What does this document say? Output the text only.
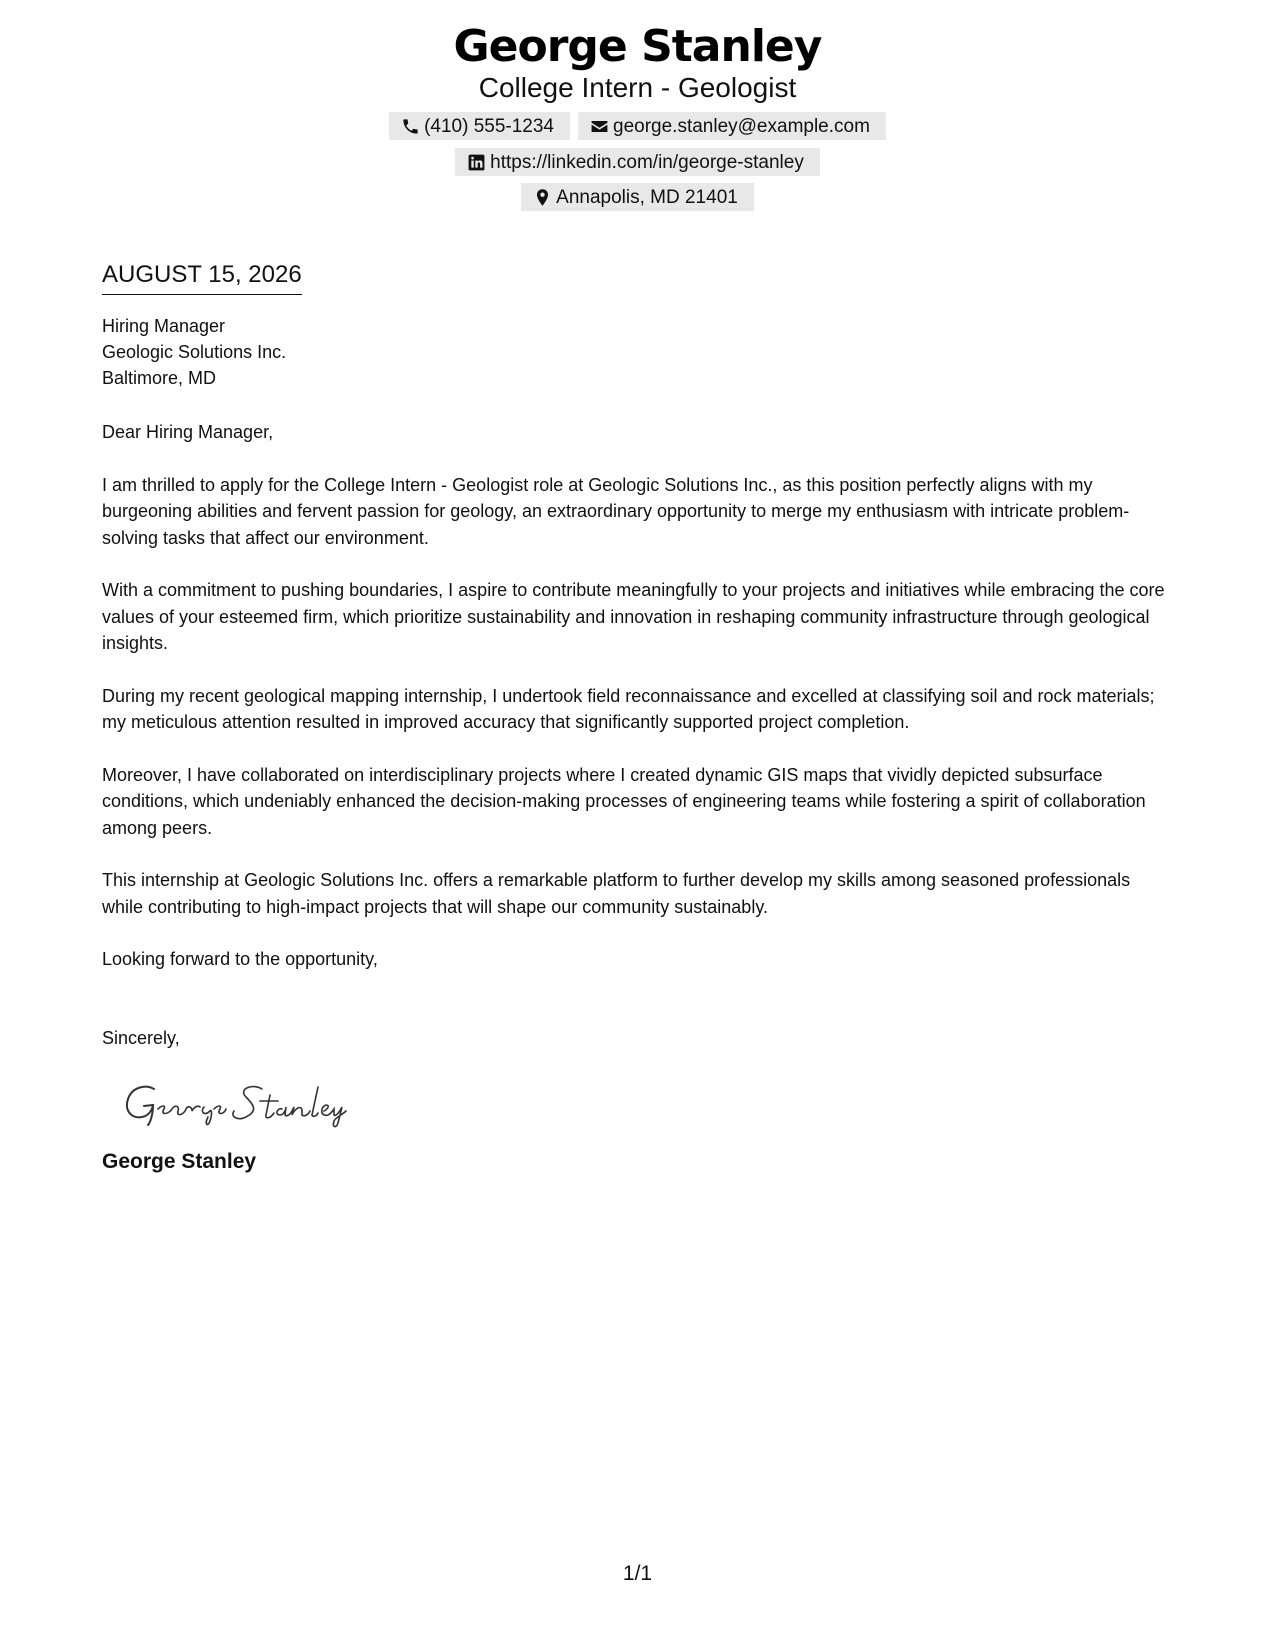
George Stanley
College Intern - Geologist
(410) 555-1234	george.stanley@example.com
https://linkedin.com/in/george-stanley
Annapolis, MD 21401
AUGUST 15, 2026
Hiring Manager
Geologic Solutions Inc.
Baltimore, MD

Dear Hiring Manager,

I am thrilled to apply for the College Intern - Geologist role at Geologic Solutions Inc., as this position perfectly aligns with my burgeoning abilities and fervent passion for geology, an extraordinary opportunity to merge my enthusiasm with intricate problem-solving tasks that affect our environment.

With a commitment to pushing boundaries, I aspire to contribute meaningfully to your projects and initiatives while embracing the core values of your esteemed firm, which prioritize sustainability and innovation in reshaping community infrastructure through geological insights.

During my recent geological mapping internship, I undertook field reconnaissance and excelled at classifying soil and rock materials; my meticulous attention resulted in improved accuracy that significantly supported project completion.

Moreover, I have collaborated on interdisciplinary projects where I created dynamic GIS maps that vividly depicted subsurface conditions, which undeniably enhanced the decision-making processes of engineering teams while fostering a spirit of collaboration among peers.

This internship at Geologic Solutions Inc. offers a remarkable platform to further develop my skills among seasoned professionals while contributing to high-impact projects that will shape our community sustainably.

Looking forward to the opportunity,

Sincerely,
George Stanley
1/1
